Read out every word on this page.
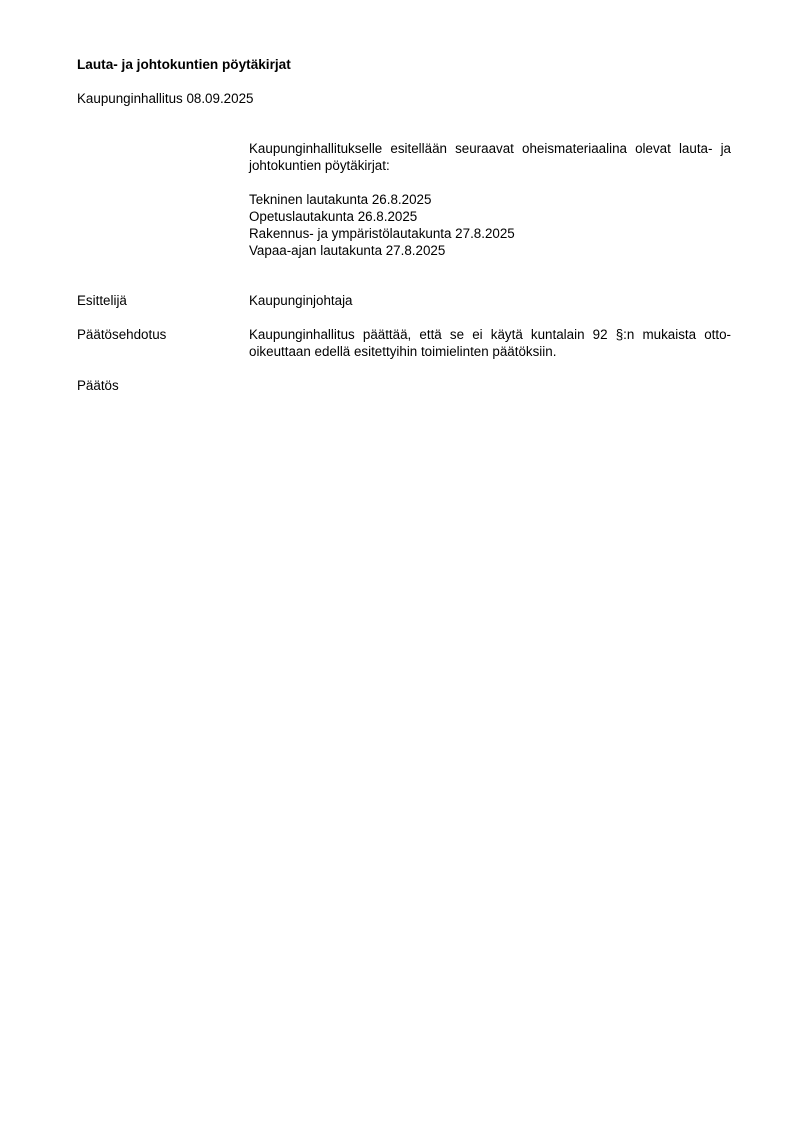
Lauta- ja johtokuntien pöytäkirjat

Kaupunginhallitus 08.09.2025

Kaupunginhallitukselle esitellään seuraavat oheismateriaalina olevat lauta- ja johtokuntien pöytäkirjat:

Tekninen lautakunta 26.8.2025
Opetuslautakunta 26.8.2025
Rakennus- ja ympäristölautakunta 27.8.2025
Vapaa-ajan lautakunta 27.8.2025

Esittelijä	Kaupunginjohtaja

Päätösehdotus	Kaupunginhallitus päättää, että se ei käytä kuntalain 92 §:n mukaista otto-oikeuttaan edellä esitettyihin toimielinten päätöksiin.

Päätös
